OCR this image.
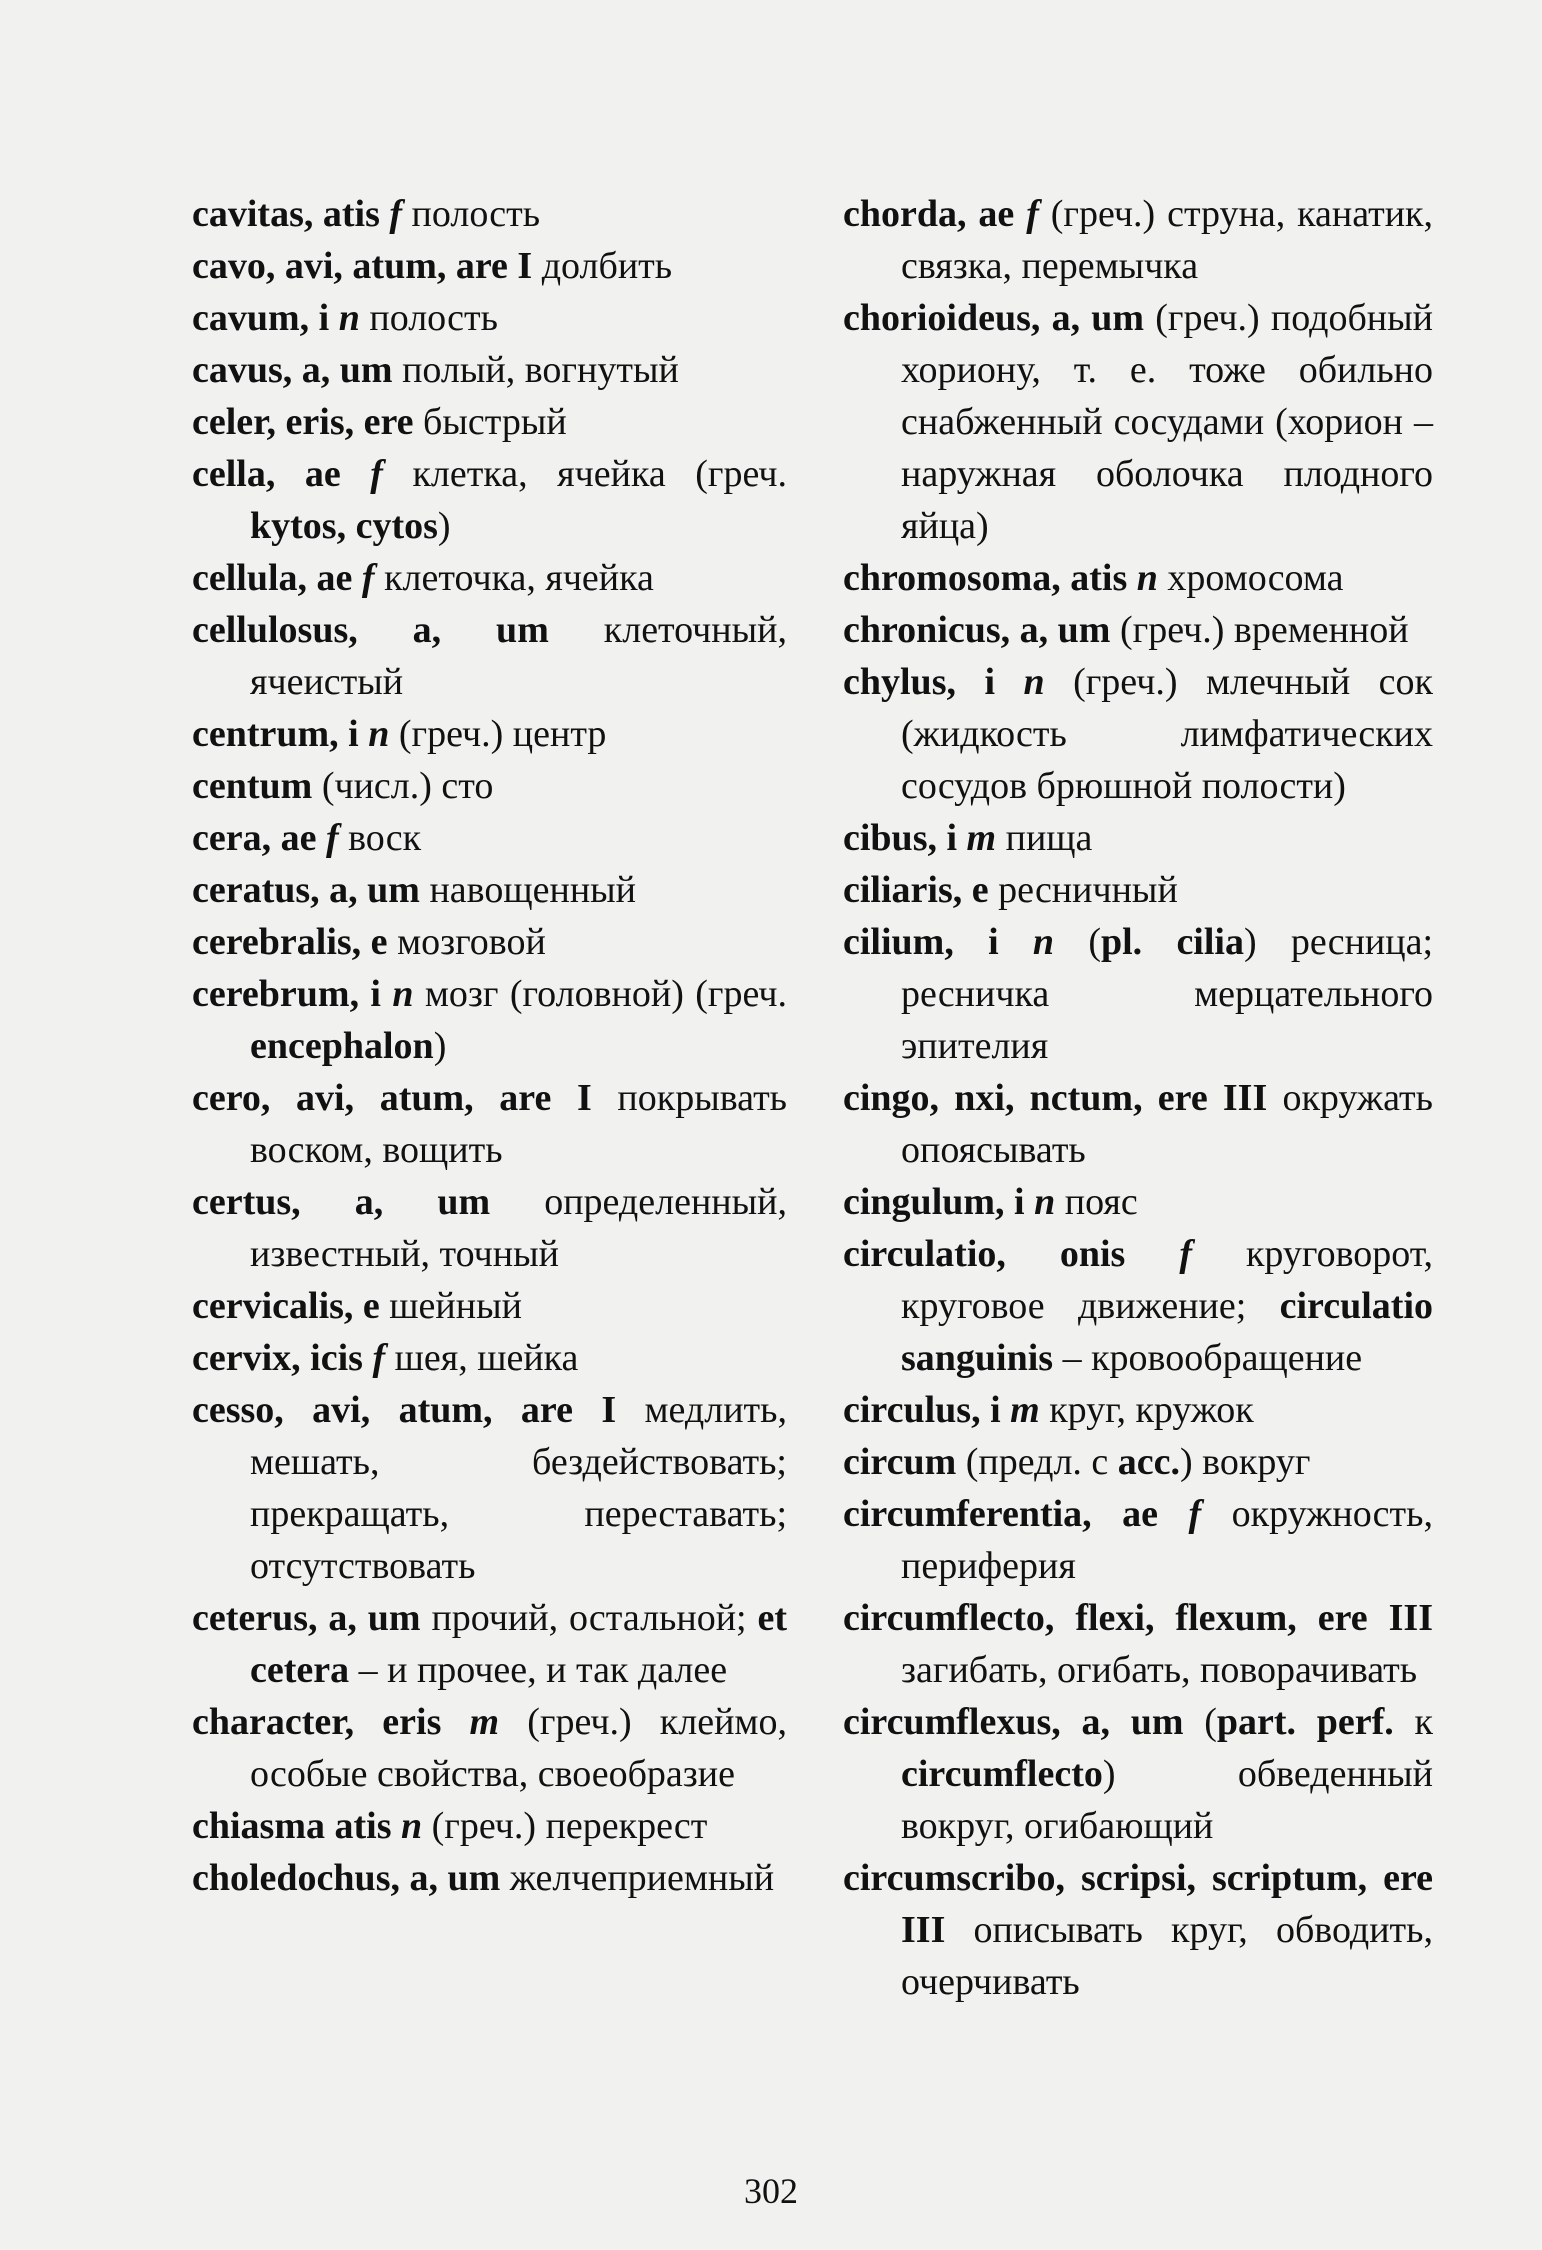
cavitas, atis f полость

cavo, avi, atum, are I долбить

cavum, i n полость

cavus, a, um полый, вогнутый

celer, eris, ere быстрый

cella, ae f клетка, ячейка (греч. kytos, cytos)

cellula, ae f клеточка, ячейка

cellulosus, a, um клеточный, ячеистый

centrum, i n (греч.) центр

centum (числ.) сто

cera, ae f воск

ceratus, a, um навощенный

cerebralis, e мозговой

cerebrum, i n мозг (головной) (греч. encephalon)

cero, avi, atum, are I покрывать воском, вощить

certus, a, um определенный, известный, точный

cervicalis, e шейный

cervix, icis f шея, шейка

cesso, avi, atum, are I медлить, мешать, бездействовать; прекращать, переставать; отсутствовать

ceterus, a, um прочий, остальной; et cetera – и прочее, и так далее

character, eris m (греч.) клеймо, особые свойства, своеобразие

chiasma atis n (греч.) перекрест

choledochus, a, um желчеприемный

chorda, ae f (греч.) струна, канатик, связка, перемычка

chorioideus, a, um (греч.) подобный хориону, т. е. тоже обильно снабженный сосудами (хорион – наружная оболочка плодного яйца)

chromosoma, atis n хромосома

chronicus, a, um (греч.) временной

chylus, i n (греч.) млечный сок (жидкость лимфатических сосудов брюшной полости)

cibus, i m пища

ciliaris, e ресничный

cilium, i n (pl. cilia) ресница; ресничка мерцательного эпителия

cingo, nxi, nctum, ere III окружать опоясывать

cingulum, i n пояс

circulatio, onis f круговорот, круговое движение; circulatio sanguinis – кровообращение

circulus, i m круг, кружок

circum (предл. с acc.) вокруг

circumferentia, ae f окружность, периферия

circumflecto, flexi, flexum, ere III загибать, огибать, поворачивать

circumflexus, a, um (part. perf. к circumflecto) обведенный вокруг, огибающий

circumscribo, scripsi, scriptum, ere III описывать круг, обводить, очерчивать

302
